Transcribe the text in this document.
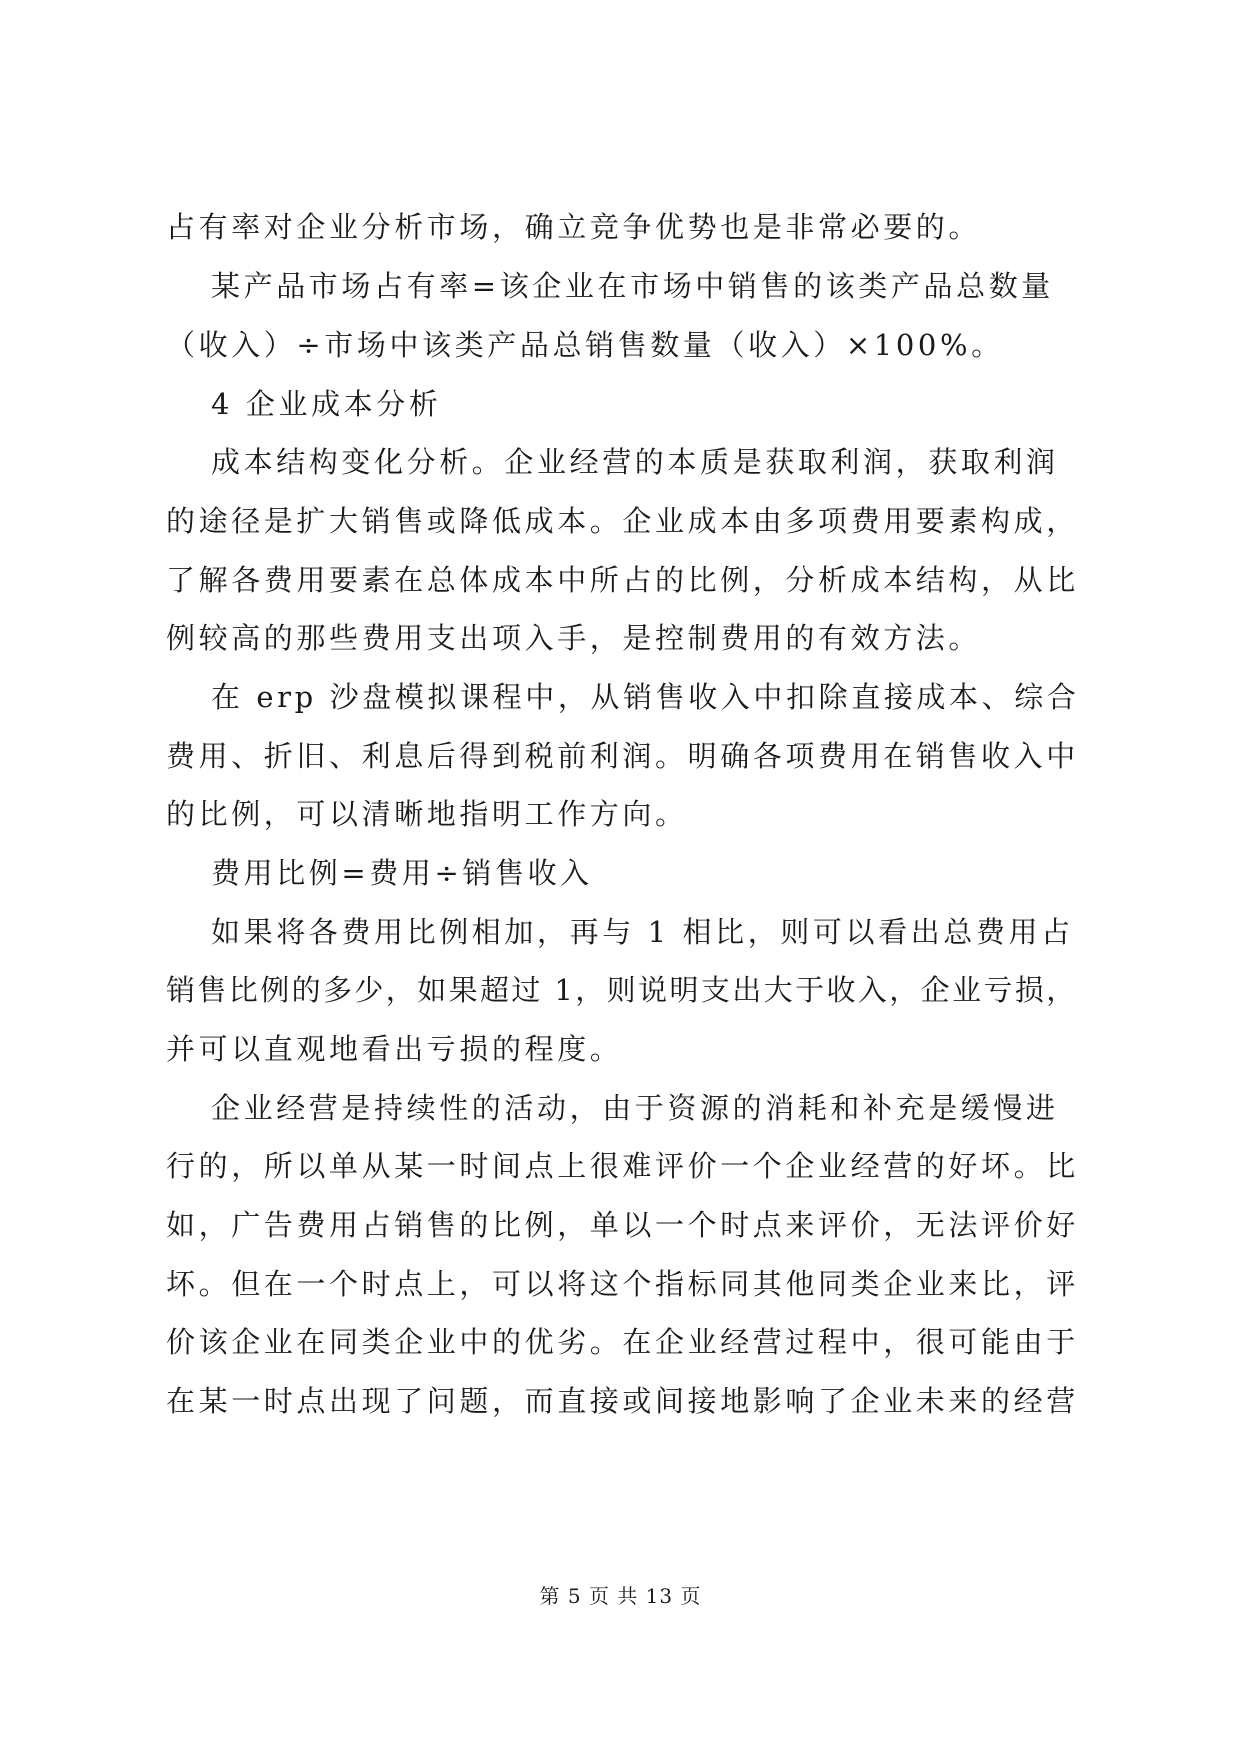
占有率对企业分析市场，确立竞争优势也是非常必要的。
某产品市场占有率=该企业在市场中销售的该类产品总数量
（收入）÷市场中该类产品总销售数量（收入）×100%。
4 企业成本分析
成本结构变化分析。企业经营的本质是获取利润，获取利润
的途径是扩大销售或降低成本。企业成本由多项费用要素构成，
了解各费用要素在总体成本中所占的比例，分析成本结构，从比
例较高的那些费用支出项入手，是控制费用的有效方法。
在 erp 沙盘模拟课程中，从销售收入中扣除直接成本、综合
费用、折旧、利息后得到税前利润。明确各项费用在销售收入中
的比例，可以清晰地指明工作方向。
费用比例=费用÷销售收入
如果将各费用比例相加，再与 1 相比，则可以看出总费用占
销售比例的多少，如果超过 1，则说明支出大于收入，企业亏损，
并可以直观地看出亏损的程度。
企业经营是持续性的活动，由于资源的消耗和补充是缓慢进
行的，所以单从某一时间点上很难评价一个企业经营的好坏。比
如，广告费用占销售的比例，单以一个时点来评价，无法评价好
坏。但在一个时点上，可以将这个指标同其他同类企业来比，评
价该企业在同类企业中的优劣。在企业经营过程中，很可能由于
在某一时点出现了问题，而直接或间接地影响了企业未来的经营
第 5 页 共 13 页
